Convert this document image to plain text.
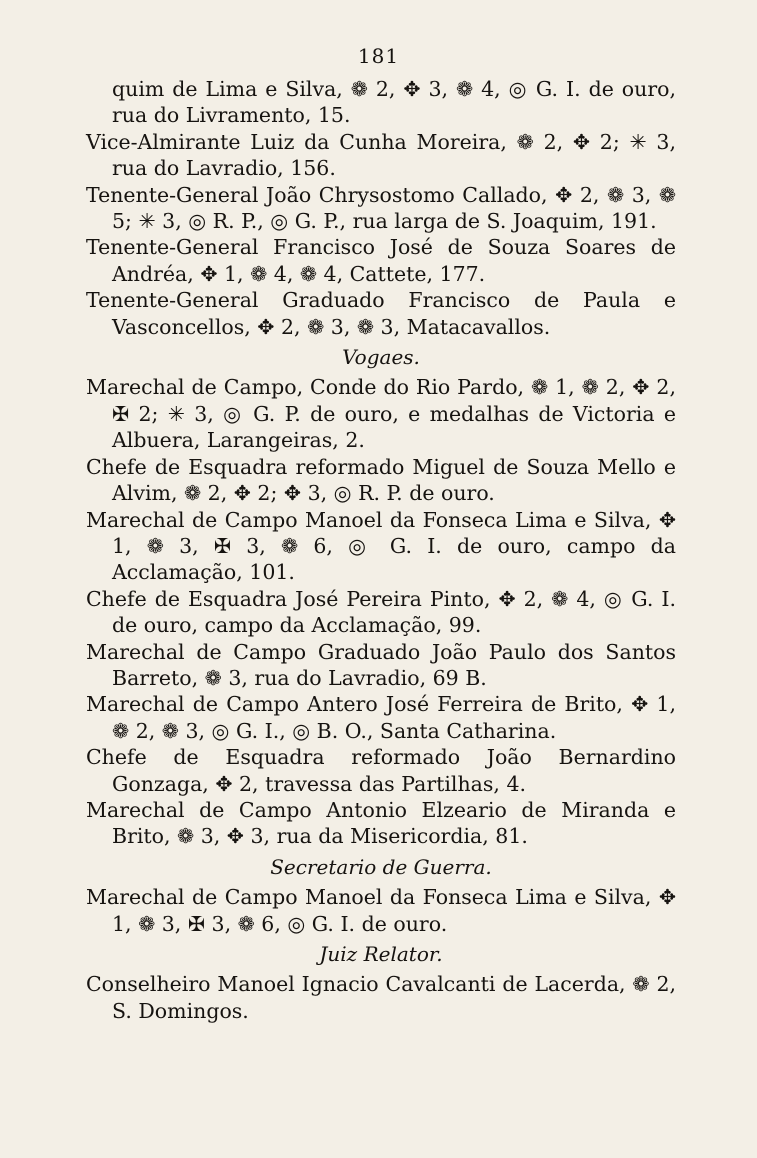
181

quim de Lima e Silva, ❁ 2, ✥ 3, ❁ 4, ◎ G. I. de ouro, rua do Livramento, 15.

Vice-Almirante Luiz da Cunha Moreira, ❁ 2, ✥ 2; ✳ 3, rua do Lavradio, 156.

Tenente-General João Chrysostomo Callado, ✥ 2, ❁ 3, ❁ 5; ✳ 3, ◎ R. P., ◎ G. P., rua larga de S. Joaquim, 191.

Tenente-General Francisco José de Souza Soares de Andréa, ✥ 1, ❁ 4, ❁ 4, Cattete, 177.

Tenente-General Graduado Francisco de Paula e Vasconcellos, ✥ 2, ❁ 3, ❁ 3, Matacavallos.

Vogaes.

Marechal de Campo, Conde do Rio Pardo, ❁ 1, ❁ 2, ✥ 2, ✠ 2; ✳ 3, ◎ G. P. de ouro, e medalhas de Victoria e Albuera, Larangeiras, 2.

Chefe de Esquadra reformado Miguel de Souza Mello e Alvim, ❁ 2, ✥ 2; ✥ 3, ◎ R. P. de ouro.

Marechal de Campo Manoel da Fonseca Lima e Silva, ✥ 1, ❁ 3, ✠ 3, ❁ 6, ◎ G. I. de ouro, campo da Acclamação, 101.

Chefe de Esquadra José Pereira Pinto, ✥ 2, ❁ 4, ◎ G. I. de ouro, campo da Acclamação, 99.

Marechal de Campo Graduado João Paulo dos Santos Barreto, ❁ 3, rua do Lavradio, 69 B.

Marechal de Campo Antero José Ferreira de Brito, ✥ 1, ❁ 2, ❁ 3, ◎ G. I., ◎ B. O., Santa Catharina.

Chefe de Esquadra reformado João Bernardino Gonzaga, ✥ 2, travessa das Partilhas, 4.

Marechal de Campo Antonio Elzeario de Miranda e Brito, ❁ 3, ✥ 3, rua da Misericordia, 81.

Secretario de Guerra.

Marechal de Campo Manoel da Fonseca Lima e Silva, ✥ 1, ❁ 3, ✠ 3, ❁ 6, ◎ G. I. de ouro.

Juiz Relator.

Conselheiro Manoel Ignacio Cavalcanti de Lacerda, ❁ 2, S. Domingos.
